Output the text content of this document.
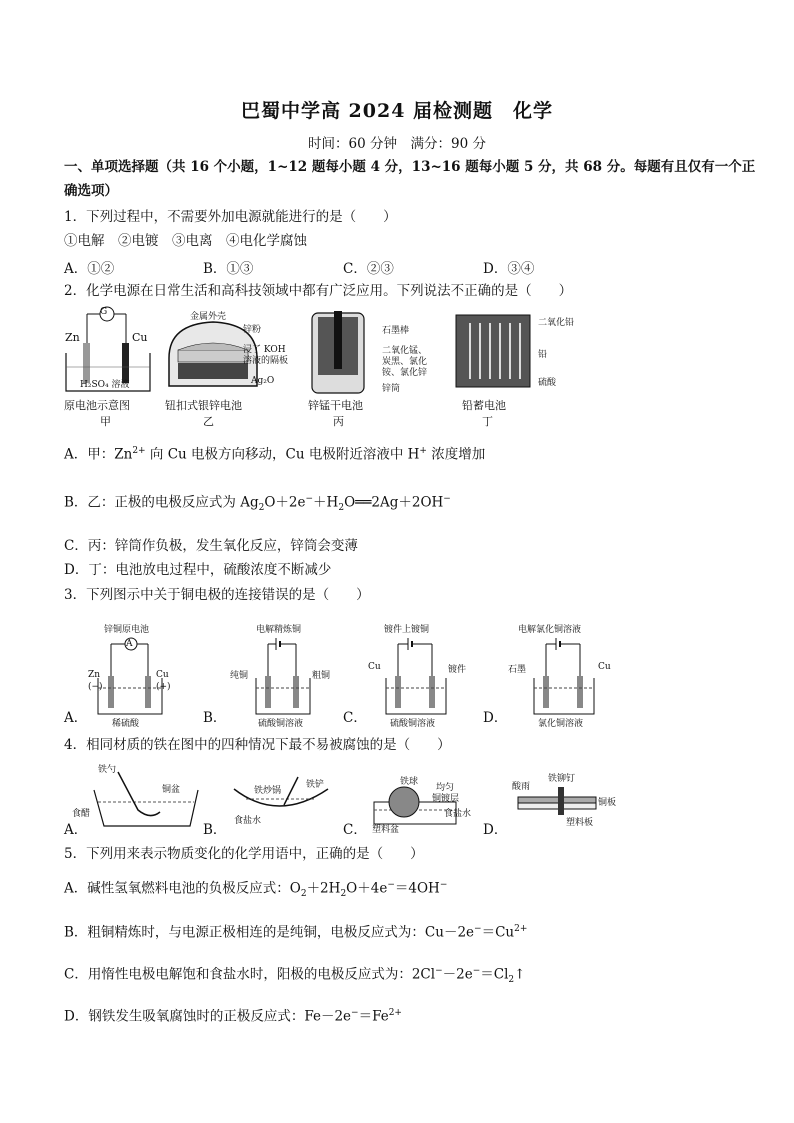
巴蜀中学高 2024 届检测题　化学
时间：60 分钟　满分：90 分
一、单项选择题（共 16 个小题，1~12 题每小题 4 分，13~16 题每小题 5 分，共 68 分。每题有且仅有一个正
确选项）
1．下列过程中，不需要外加电源就能进行的是（　　）
①电解　②电镀　③电离　④电化学腐蚀
A．①②	B．①③	C．②③	D．③④
2．化学电源在日常生活和高科技领域中都有广泛应用。下列说法不正确的是（　　）
G
Zn	Cu
H₂SO₄ 溶液
原电池示意图
甲
金属外壳
锌粉
浸了 KOH
溶液的隔板
Ag₂O
钮扣式银锌电池
乙
石墨棒
二氧化锰、
炭黑、氯化
铵、氯化锌
锌筒
锌锰干电池
丙
二氧化铅
铅
硫酸
铅蓄电池
丁
A．甲：$Zn^{2+}$ 向 Cu 电极方向移动，Cu 电极附近溶液中 H+ 浓度增加
B．乙：正极的电极反应式为 $Ag_2O+2e^-+H_2O══2Ag+2OH^-$
C．丙：锌筒作负极，发生氧化反应，锌筒会变薄
D．丁：电池放电过程中，硫酸浓度不断减少
3．下列图示中关于铜电极的连接错误的是（　　）
A．
锌铜原电池
A
Zn
(−)
Cu
(+)
稀硫酸	B．
电解精炼铜
纯铜	粗铜
硫酸铜溶液	C．
镀件上镀铜
Cu	镀件
硫酸铜溶液	D．
电解氯化铜溶液
石墨	Cu
氯化铜溶液
4．相同材质的铁在图中的四种情况下最不易被腐蚀的是（　　）
A．
铁勺
铜盆
食醋
B．
铁炒锅
铁铲
食盐水
C．
铁球
均匀
铜镀层
食盐水
塑料盆	D．
酸雨
铁铆钉
铜板
塑料板
5．下列用来表示物质变化的化学用语中，正确的是（　　）
A．碱性氢氧燃料电池的负极反应式：$O_2+2H_2O+4e^-=4OH^-$
B．粗铜精炼时，与电源正极相连的是纯铜，电极反应式为：$Cu-2e^-=Cu^{2+}$
C．用惰性电极电解饱和食盐水时，阳极的电极反应式为：$2Cl^--2e^-=Cl_2↑$
D．钢铁发生吸氧腐蚀时的正极反应式：$Fe-2e^-=Fe^{2+}$
